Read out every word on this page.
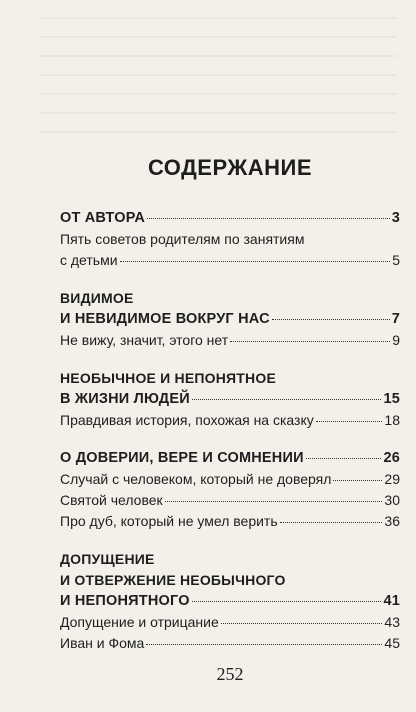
СОДЕРЖАНИЕ
ОТ АВТОРА	3
Пять советов родителям по занятиям
с детьми	5
ВИДИМОЕ
И НЕВИДИМОЕ ВОКРУГ НАС	7
Не вижу, значит, этого нет	9
НЕОБЫЧНОЕ И НЕПОНЯТНОЕ
В ЖИЗНИ ЛЮДЕЙ	15
Правдивая история, похожая на сказку	18
О ДОВЕРИИ, ВЕРЕ И СОМНЕНИИ	26
Случай с человеком, который не доверял	29
Святой человек	30
Про дуб, который не умел верить	36
ДОПУЩЕНИЕ
И ОТВЕРЖЕНИЕ НЕОБЫЧНОГО
И НЕПОНЯТНОГО	41
Допущение и отрицание	43
Иван и Фома	45
252
